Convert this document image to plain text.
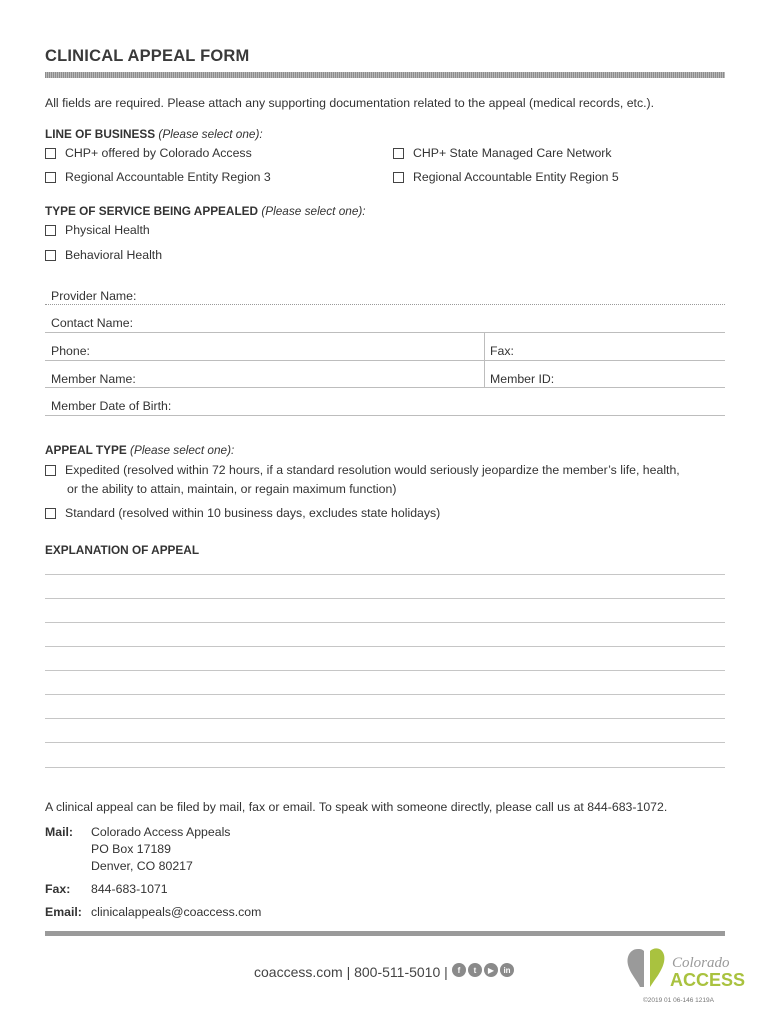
CLINICAL APPEAL FORM
All fields are required. Please attach any supporting documentation related to the appeal (medical records, etc.).
LINE OF BUSINESS (Please select one):
CHP+ offered by Colorado Access	CHP+ State Managed Care Network
Regional Accountable Entity Region 3	Regional Accountable Entity Region 5
TYPE OF SERVICE BEING APPEALED (Please select one):
Physical Health
Behavioral Health
Provider Name:
Contact Name:
Phone:	Fax:
Member Name:	Member ID:
Member Date of Birth:
APPEAL TYPE (Please select one):
Expedited (resolved within 72 hours, if a standard resolution would seriously jeopardize the member’s life, health,
or the ability to attain, maintain, or regain maximum function)
Standard (resolved within 10 business days, excludes state holidays)
EXPLANATION OF APPEAL
A clinical appeal can be filed by mail, fax or email. To speak with someone directly, please call us at 844-683-1072.
Mail: Colorado Access Appeals
PO Box 17189
Denver, CO 80217
Fax: 844-683-1071
Email: clinicalappeals@coaccess.com
coaccess.com | 800-511-5010 |	f	t	▶	in	Colorado
ACCESS
©2019 01 06-146 1219A
